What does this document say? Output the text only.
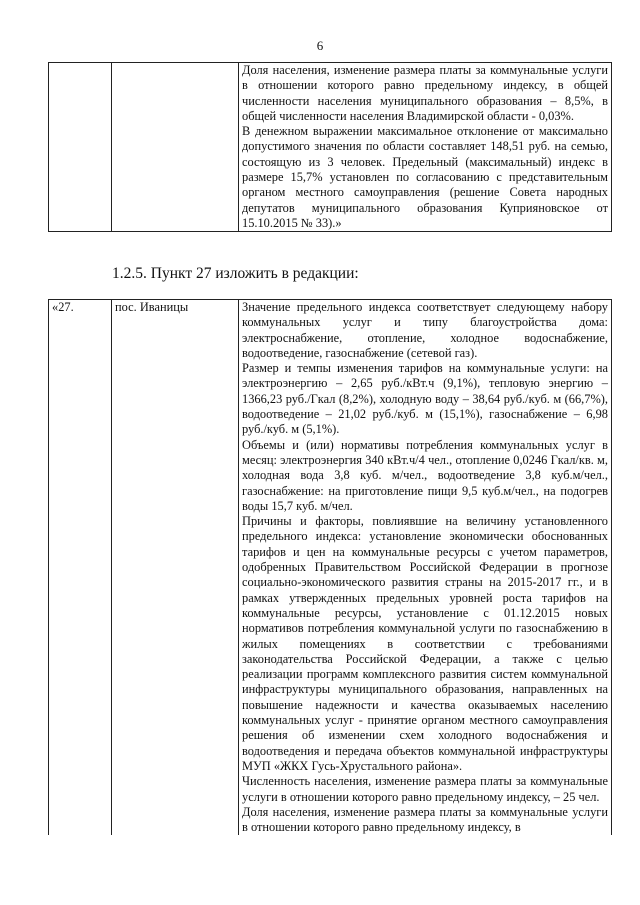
6

Доля населения, изменение размера платы за коммунальные услуги в отношении которого равно предельному индексу, в общей численности населения муниципального образования – 8,5%, в общей численности населения Владимирской области - 0,03%.

В денежном выражении максимальное отклонение от максимально допустимого значения по области составляет 148,51 руб. на семью, состоящую из 3 человек. Предельный (максимальный) индекс в размере 15,7% установлен по согласованию с представительным органом местного самоуправления (решение Совета народных депутатов муниципального образования Куприяновское от 15.10.2015 № 33).»

1.2.5. Пункт 27 изложить в редакции:

«27.	пос. Иваницы	Значение предельного индекса соответствует следующему набору коммунальных услуг и типу благоустройства дома: электроснабжение, отопление, холодное водоснабжение, водоотведение, газоснабжение (сетевой газ).

Размер и темпы изменения тарифов на коммунальные услуги: на электроэнергию – 2,65 руб./кВт.ч (9,1%), тепловую энергию – 1366,23 руб./Гкал (8,2%), холодную воду – 38,64 руб./куб. м (66,7%), водоотведение – 21,02 руб./куб. м (15,1%), газоснабжение – 6,98 руб./куб. м (5,1%).

Объемы и (или) нормативы потребления коммунальных услуг в месяц: электроэнергия 340 кВт.ч/4 чел., отопление 0,0246 Гкал/кв. м, холодная вода 3,8 куб. м/чел., водоотведение 3,8 куб.м/чел., газоснабжение: на приготовление пищи 9,5 куб.м/чел., на подогрев воды 15,7 куб. м/чел.

Причины и факторы, повлиявшие на величину установленного предельного индекса: установление экономически обоснованных тарифов и цен на коммунальные ресурсы с учетом параметров, одобренных Правительством Российской Федерации в прогнозе социально-экономического развития страны на 2015-2017 гг., и в рамках утвержденных предельных уровней роста тарифов на коммунальные ресурсы, установление с 01.12.2015 новых нормативов потребления коммунальной услуги по газоснабжению в жилых помещениях в соответствии с требованиями законодательства Российской Федерации, а также с целью реализации программ комплексного развития систем коммунальной инфраструктуры муниципального образования, направленных на повышение надежности и качества оказываемых населению коммунальных услуг - принятие органом местного самоуправления решения об изменении схем холодного водоснабжения и водоотведения и передача объектов коммунальной инфраструктуры МУП «ЖКХ Гусь-Хрустального района».

Численность населения, изменение размера платы за коммунальные услуги в отношении которого равно предельному индексу, – 25 чел.

Доля населения, изменение размера платы за коммунальные услуги в отношении которого равно предельному индексу, в
